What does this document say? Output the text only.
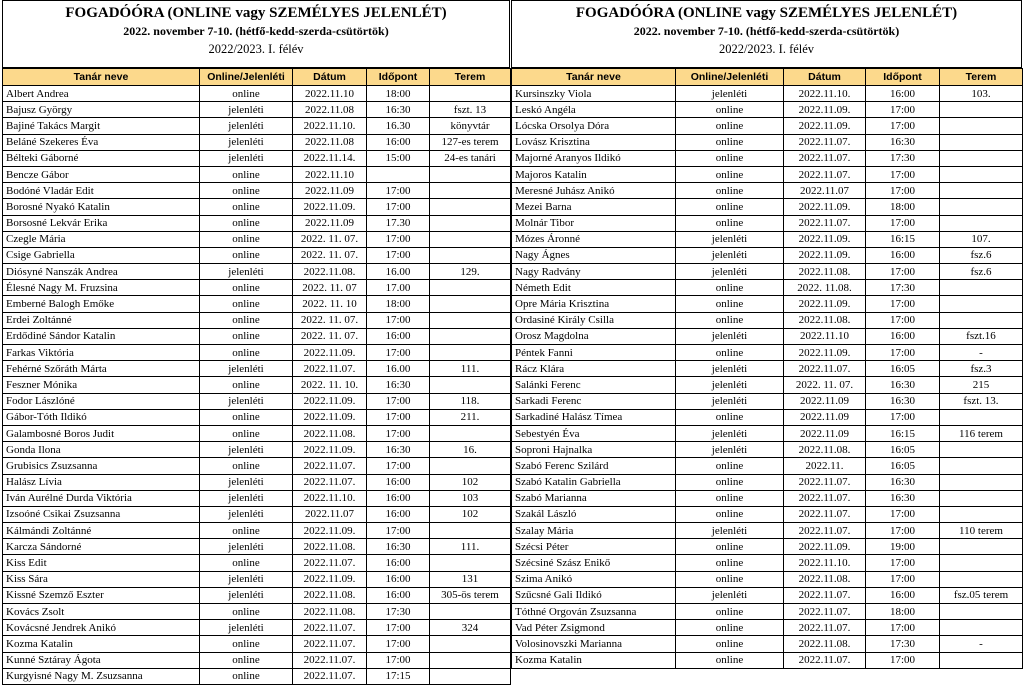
FOGADÓÓRA (ONLINE vagy SZEMÉLYES JELENLÉT)
2022. november 7-10. (hétfő-kedd-szerda-csütörtök)
2022/2023. I. félév
Tanár neve	Online/Jelenléti	Dátum	Időpont	Terem
Albert Andrea	online	2022.11.10	18:00	
Bajusz György	jelenléti	2022.11.08	16:30	fszt. 13
Bajiné Takács Margit	jelenléti	2022.11.10.	16.30	könyvtár
Beláné Szekeres Éva	jelenléti	2022.11.08	16:00	127-es terem
Bélteki Gáborné	jelenléti	2022.11.14.	15:00	24-es tanári
Bencze Gábor	online	2022.11.10		
Bodóné Vladár Edit	online	2022.11.09	17:00	
Borosné Nyakó Katalin	online	2022.11.09.	17:00	
Borsosné Lekvár Erika	online	2022.11.09	17.30	
Czegle Mária	online	2022. 11. 07.	17:00	
Csige Gabriella	online	2022. 11. 07.	17:00	
Diósyné Nanszák Andrea	jelenléti	2022.11.08.	16.00	129.
Élesné Nagy M. Fruzsina	online	2022. 11. 07	17.00	
Emberné Balogh Emőke	online	2022. 11. 10	18:00	
Erdei Zoltánné	online	2022. 11. 07.	17:00	
Erdődiné Sándor Katalin	online	2022. 11. 07.	16:00	
Farkas Viktória	online	2022.11.09.	17:00	
Fehérné Szőráth Márta	jelenléti	2022.11.07.	16.00	111.
Feszner Mónika	online	2022. 11. 10.	16:30	
Fodor Lászlóné	jelenléti	2022.11.09.	17:00	118.
Gábor-Tóth Ildikó	online	2022.11.09.	17:00	211.
Galambosné Boros Judit	online	2022.11.08.	17:00	
Gonda Ilona	jelenléti	2022.11.09.	16:30	16.
Grubisics Zsuzsanna	online	2022.11.07.	17:00	
Halász Lívia	jelenléti	2022.11.07.	16:00	102
Iván Aurélné Durda Viktória	jelenléti	2022.11.10.	16:00	103
Izsoóné Csikai Zsuzsanna	jelenléti	2022.11.07	16:00	102
Kálmándi Zoltánné	online	2022.11.09.	17:00	
Karcza Sándorné	jelenléti	2022.11.08.	16:30	111.
Kiss Edit	online	2022.11.07.	16:00	
Kiss Sára	jelenléti	2022.11.09.	16:00	131
Kissné Szemző Eszter	jelenléti	2022.11.08.	16:00	305-ös terem
Kovács Zsolt	online	2022.11.08.	17:30	
Kovácsné Jendrek Anikó	jelenléti	2022.11.07.	17:00	324
Kozma Katalin	online	2022.11.07.	17:00	
Kunné Sztáray Ágota	online	2022.11.07.	17:00	
Kurgyisné Nagy M. Zsuzsanna	online	2022.11.07.	17:15	
FOGADÓÓRA (ONLINE vagy SZEMÉLYES JELENLÉT)
2022. november 7-10. (hétfő-kedd-szerda-csütörtök)
2022/2023. I. félév
Tanár neve	Online/Jelenléti	Dátum	Időpont	Terem
Kursinszky Viola	jelenléti	2022.11.10.	16:00	103.
Leskó Angéla	online	2022.11.09.	17:00	
Lócska Orsolya Dóra	online	2022.11.09.	17:00	
Lovász Krisztina	online	2022.11.07.	16:30	
Majorné Aranyos Ildikó	online	2022.11.07.	17:30	
Majoros Katalin	online	2022.11.07.	17:00	
Meresné Juhász Anikó	online	2022.11.07	17:00	
Mezei Barna	online	2022.11.09.	18:00	
Molnár Tibor	online	2022.11.07.	17:00	
Mózes Áronné	jelenléti	2022.11.09.	16:15	107.
Nagy Ágnes	jelenléti	2022.11.09.	16:00	fsz.6
Nagy Radvány	jelenléti	2022.11.08.	17:00	fsz.6
Németh Edit	online	2022. 11.08.	17:30	
Opre Mária Krisztina	online	2022.11.09.	17:00	
Ordasiné Király Csilla	online	2022.11.08.	17:00	
Orosz Magdolna	jelenléti	2022.11.10	16:00	fszt.16
Péntek Fanni	online	2022.11.09.	17:00	-
Rácz Klára	jelenléti	2022.11.07.	16:05	fsz.3
Salánki Ferenc	jelenléti	2022. 11. 07.	16:30	215
Sarkadi Ferenc	jelenléti	2022.11.09	16:30	fszt. 13.
Sarkadiné Halász Tímea	online	2022.11.09	17:00	
Sebestyén Éva	jelenléti	2022.11.09	16:15	116 terem
Soproni Hajnalka	jelenléti	2022.11.08.	16:05	
Szabó Ferenc Szilárd	online	2022.11.	16:05	
Szabó Katalin Gabriella	online	2022.11.07.	16:30	
Szabó Marianna	online	2022.11.07.	16:30	
Szakál László	online	2022.11.07.	17:00	
Szalay Mária	jelenléti	2022.11.07.	17:00	110 terem
Szécsi Péter	online	2022.11.09.	19:00	
Szécsiné Szász Enikő	online	2022.11.10.	17:00	
Szima Anikó	online	2022.11.08.	17:00	
Szűcsné Gali Ildikó	jelenléti	2022.11.07.	16:00	fsz.05 terem
Tóthné Orgován Zsuzsanna	online	2022.11.07.	18:00	
Vad Péter Zsigmond	online	2022.11.07.	17:00	
Volosinovszki Marianna	online	2022.11.08.	17:30	-
Kozma Katalin	online	2022.11.07.	17:00	
